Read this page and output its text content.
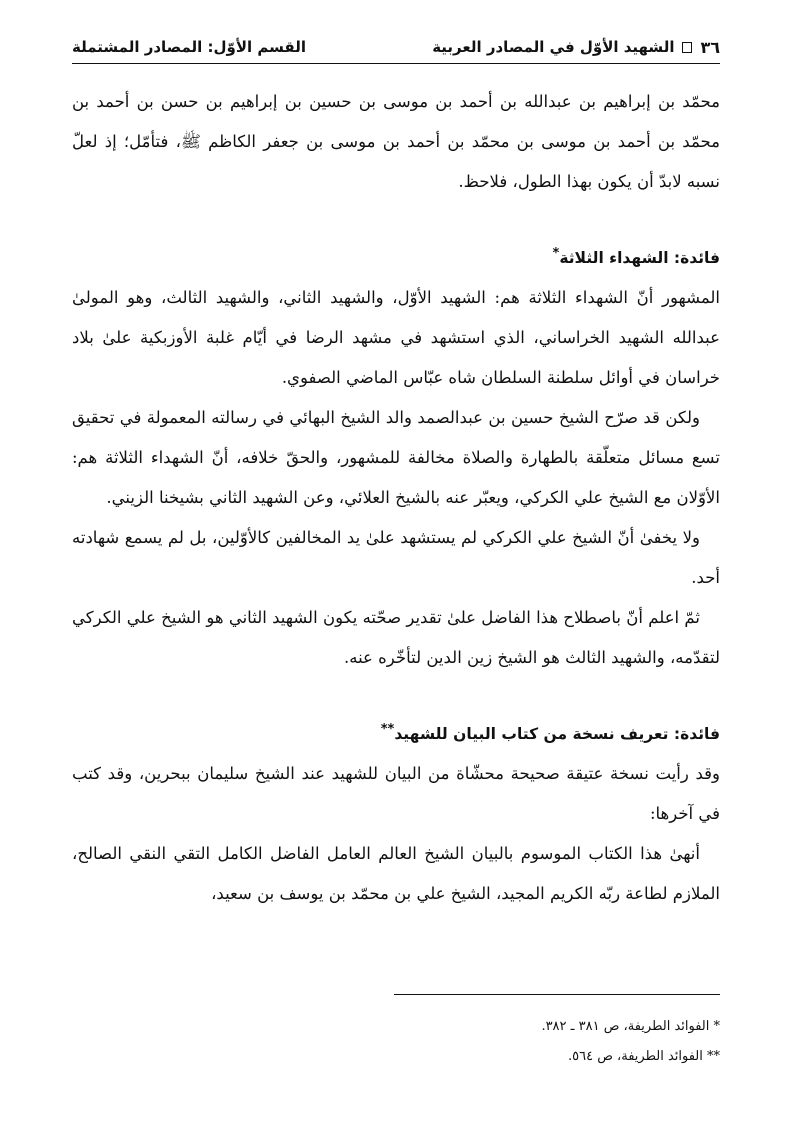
٣٦
الشهيد الأوّل في المصادر العربية
القسم الأوّل: المصادر المشتملة

محمّد بن إبراهيم بن عبدالله بن أحمد بن موسى بن حسين بن إبراهيم بن حسن بن أحمد بن محمّد بن أحمد بن موسى بن محمّد بن أحمد بن موسى بن جعفر الكاظم ﷺ، فتأمّل؛ إذ لعلّ نسبه لابدّ أن يكون بهذا الطول، فلاحظ.

فائدة: الشهداء الثلاثة*

المشهور أنّ الشهداء الثلاثة هم: الشهيد الأوّل، والشهيد الثاني، والشهيد الثالث، وهو المولىٰ عبدالله الشهيد الخراساني، الذي استشهد في مشهد الرضا في أيّام غلبة الأوزبكية علىٰ بلاد خراسان في أوائل سلطنة السلطان شاه عبّاس الماضي الصفوي.

ولكن قد صرّح الشيخ حسين بن عبدالصمد والد الشيخ البهائي في رسالته المعمولة في تحقيق تسع مسائل متعلّقة بالطهارة والصلاة مخالفة للمشهور، والحقّ خلافه، أنّ الشهداء الثلاثة هم: الأوّلان مع الشيخ علي الكركي، ويعبّر عنه بالشيخ العلائي، وعن الشهيد الثاني بشيخنا الزيني.

ولا يخفىٰ أنّ الشيخ علي الكركي لم يستشهد علىٰ يد المخالفين كالأوّلين، بل لم يسمع شهادته أحد.

ثمّ اعلم أنّ باصطلاح هذا الفاضل علىٰ تقدير صحّته يكون الشهيد الثاني هو الشيخ علي الكركي لتقدّمه، والشهيد الثالث هو الشيخ زين الدين لتأخّره عنه.

فائدة: تعريف نسخة من كتاب البيان للشهيد**

وقد رأيت نسخة عتيقة صحيحة محشّاة من البيان للشهيد عند الشيخ سليمان ببحرين، وقد كتب في آخرها:

أنهىٰ هذا الكتاب الموسوم بالبيان الشيخ العالم العامل الفاضل الكامل التقي النقي الصالح، الملازم لطاعة ربّه الكريم المجيد، الشيخ علي بن محمّد بن يوسف بن سعيد،

* الفوائد الطريفة، ص ٣٨١ ـ ٣٨٢.

** الفوائد الطريفة، ص ٥٦٤.
